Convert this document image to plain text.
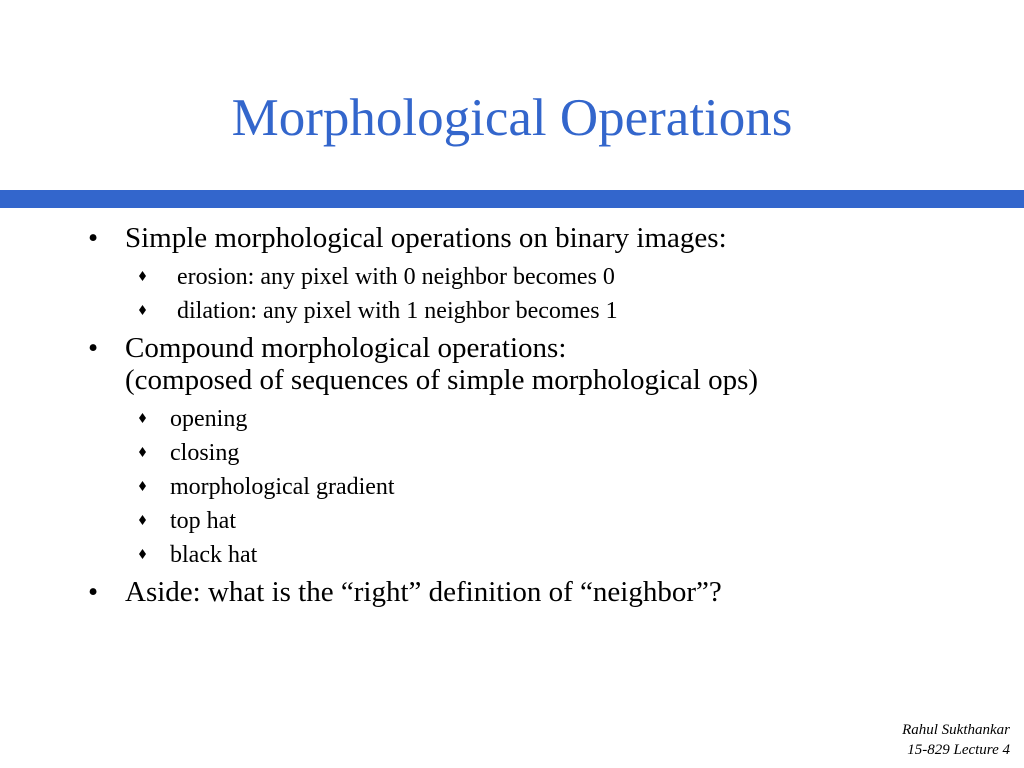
Morphological Operations
• Simple morphological operations on binary images:
erosion: any pixel with 0 neighbor becomes 0
dilation: any pixel with 1 neighbor becomes 1
• Compound morphological operations:
(composed of sequences of simple morphological ops)
opening
closing
morphological gradient
top hat
black hat
• Aside: what is the “right” definition of “neighbor”?
Rahul Sukthankar
15-829 Lecture 4
